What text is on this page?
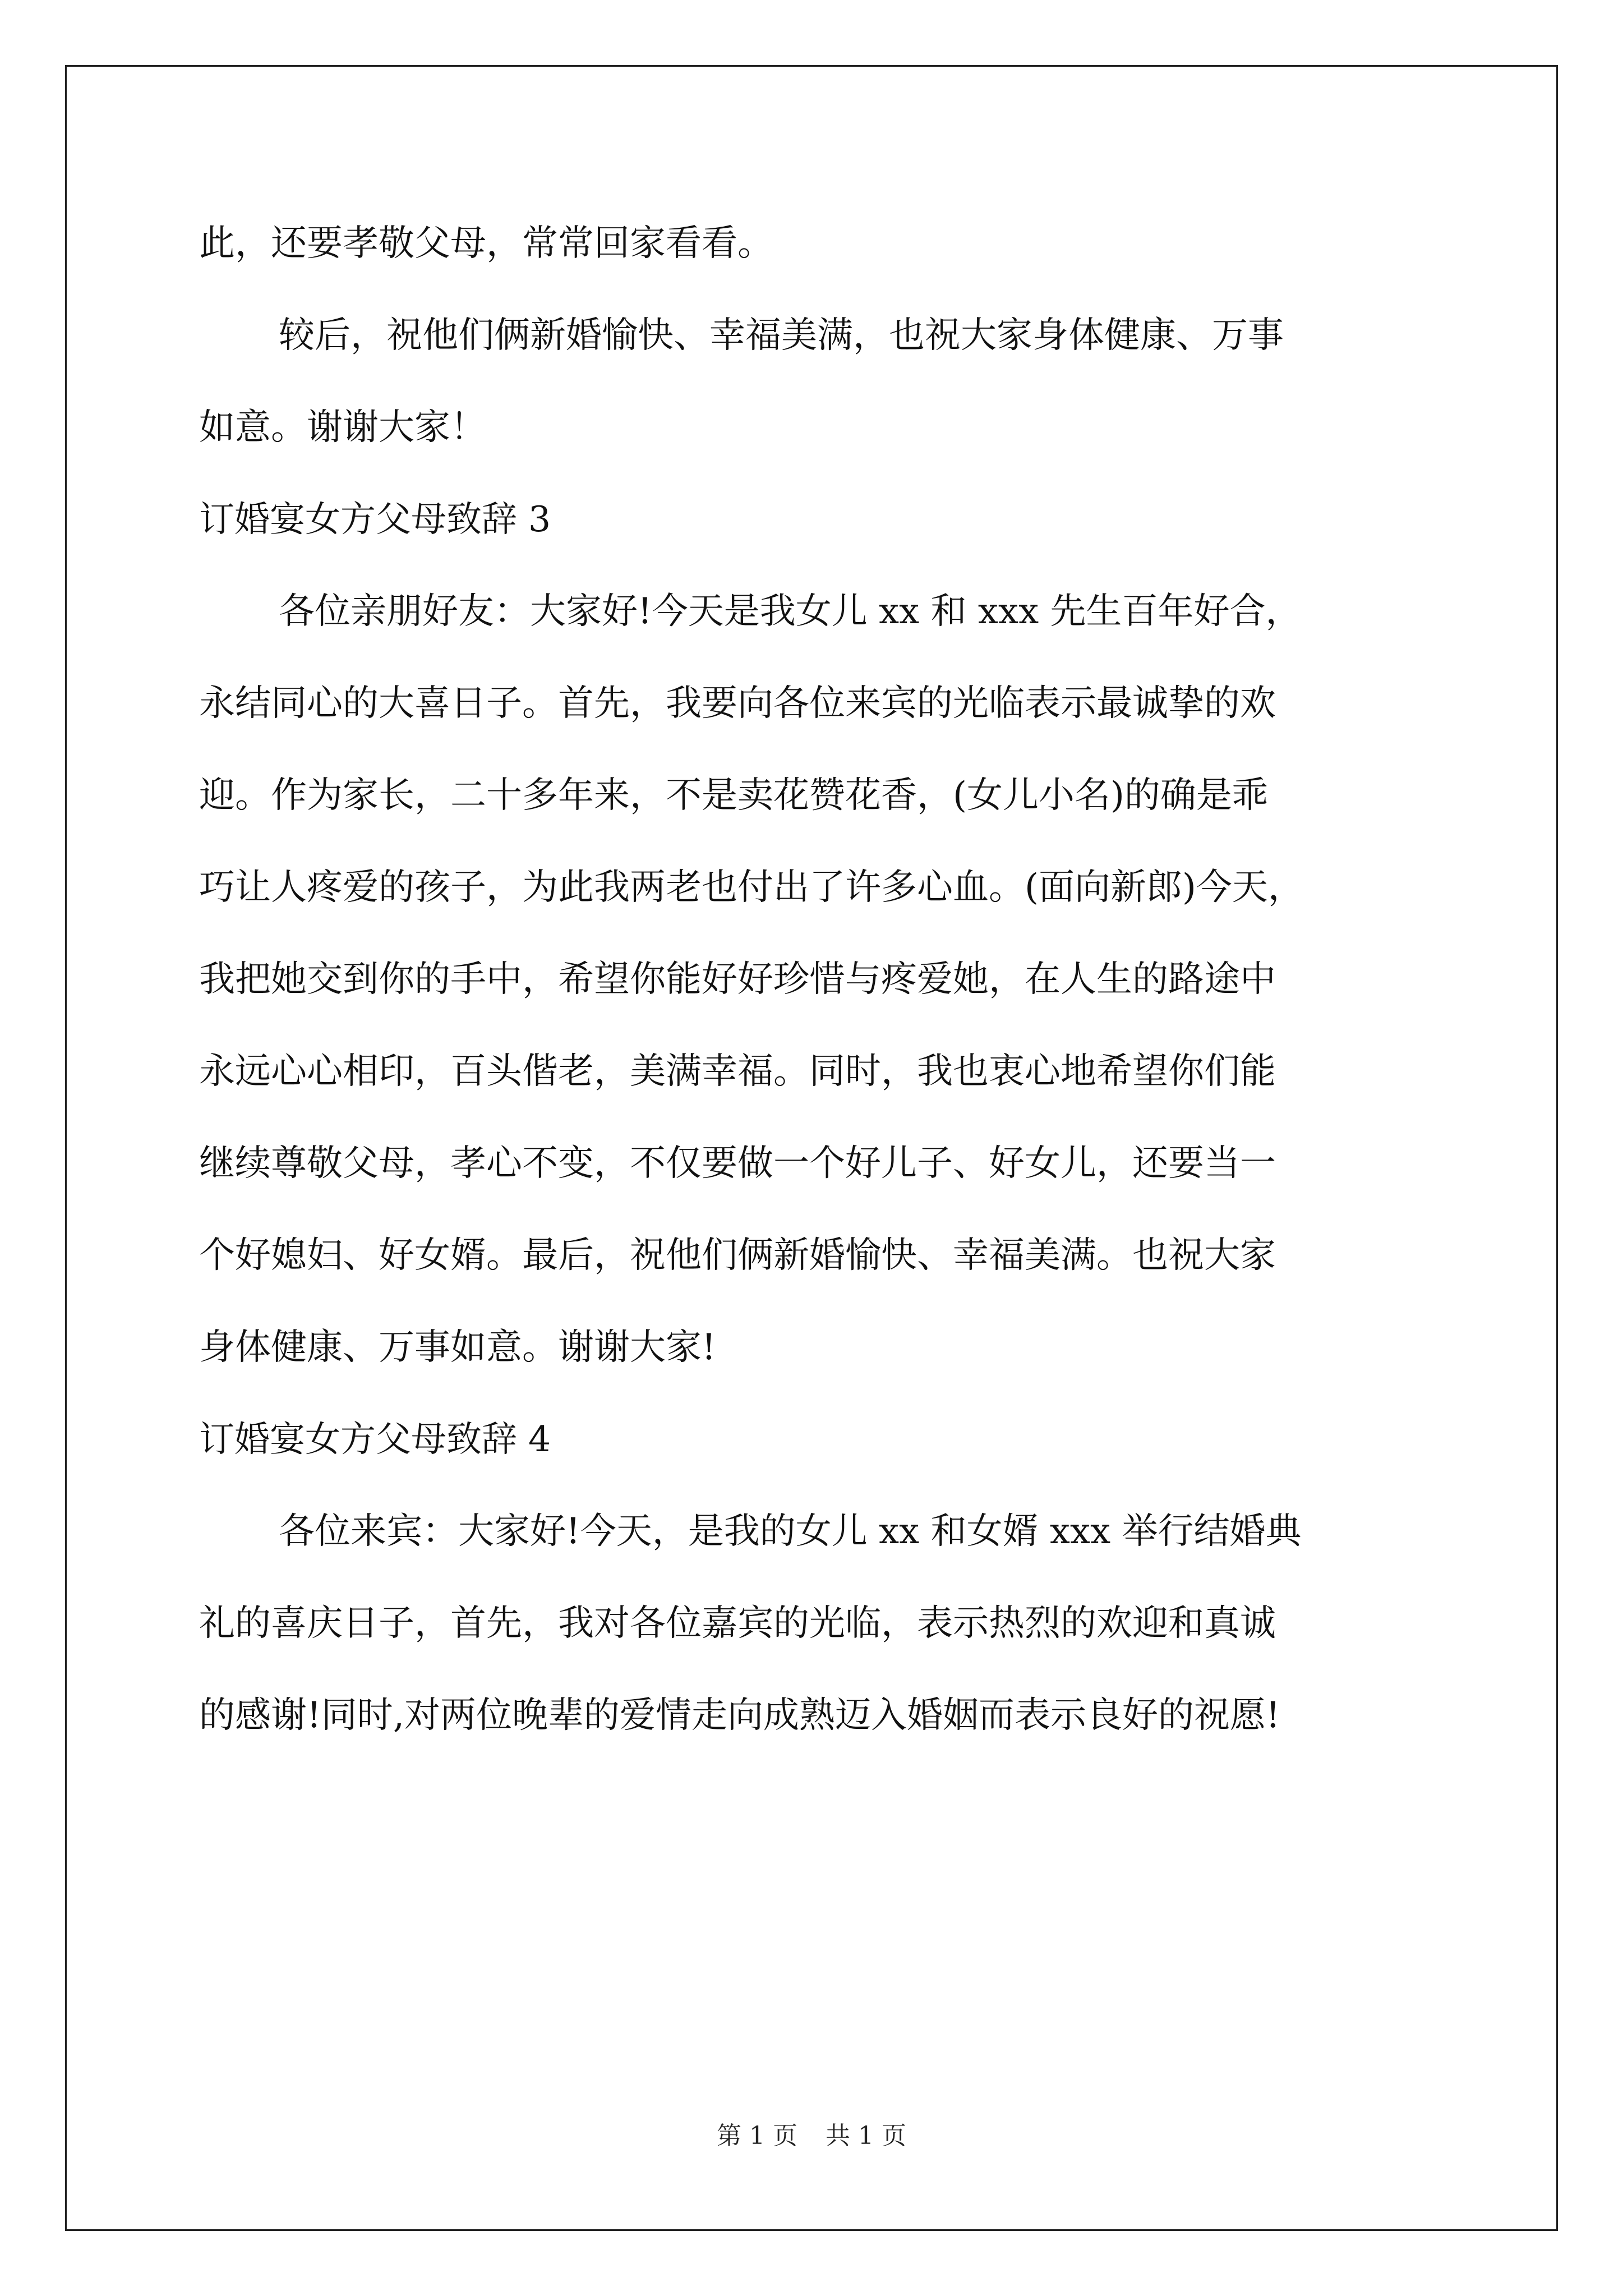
此，还要孝敬父母，常常回家看看。
较后，祝他们俩新婚愉快、幸福美满，也祝大家身体健康、万事
如意。谢谢大家！
订婚宴女方父母致辞 3
各位亲朋好友：大家好!今天是我女儿 xx 和 xxx 先生百年好合，
永结同心的大喜日子。首先，我要向各位来宾的光临表示最诚挚的欢
迎。作为家长，二十多年来，不是卖花赞花香，(女儿小名)的确是乖
巧让人疼爱的孩子，为此我两老也付出了许多心血。(面向新郎)今天，
我把她交到你的手中，希望你能好好珍惜与疼爱她，在人生的路途中
永远心心相印，百头偕老，美满幸福。同时，我也衷心地希望你们能
继续尊敬父母，孝心不变，不仅要做一个好儿子、好女儿，还要当一
个好媳妇、好女婿。最后，祝他们俩新婚愉快、幸福美满。也祝大家
身体健康、万事如意。谢谢大家!
订婚宴女方父母致辞 4
各位来宾：大家好!今天，是我的女儿 xx 和女婿 xxx 举行结婚典
礼的喜庆日子，首先，我对各位嘉宾的光临，表示热烈的欢迎和真诚
的感谢!同时,对两位晚辈的爱情走向成熟迈入婚姻而表示良好的祝愿!
第 1 页 共 1 页
